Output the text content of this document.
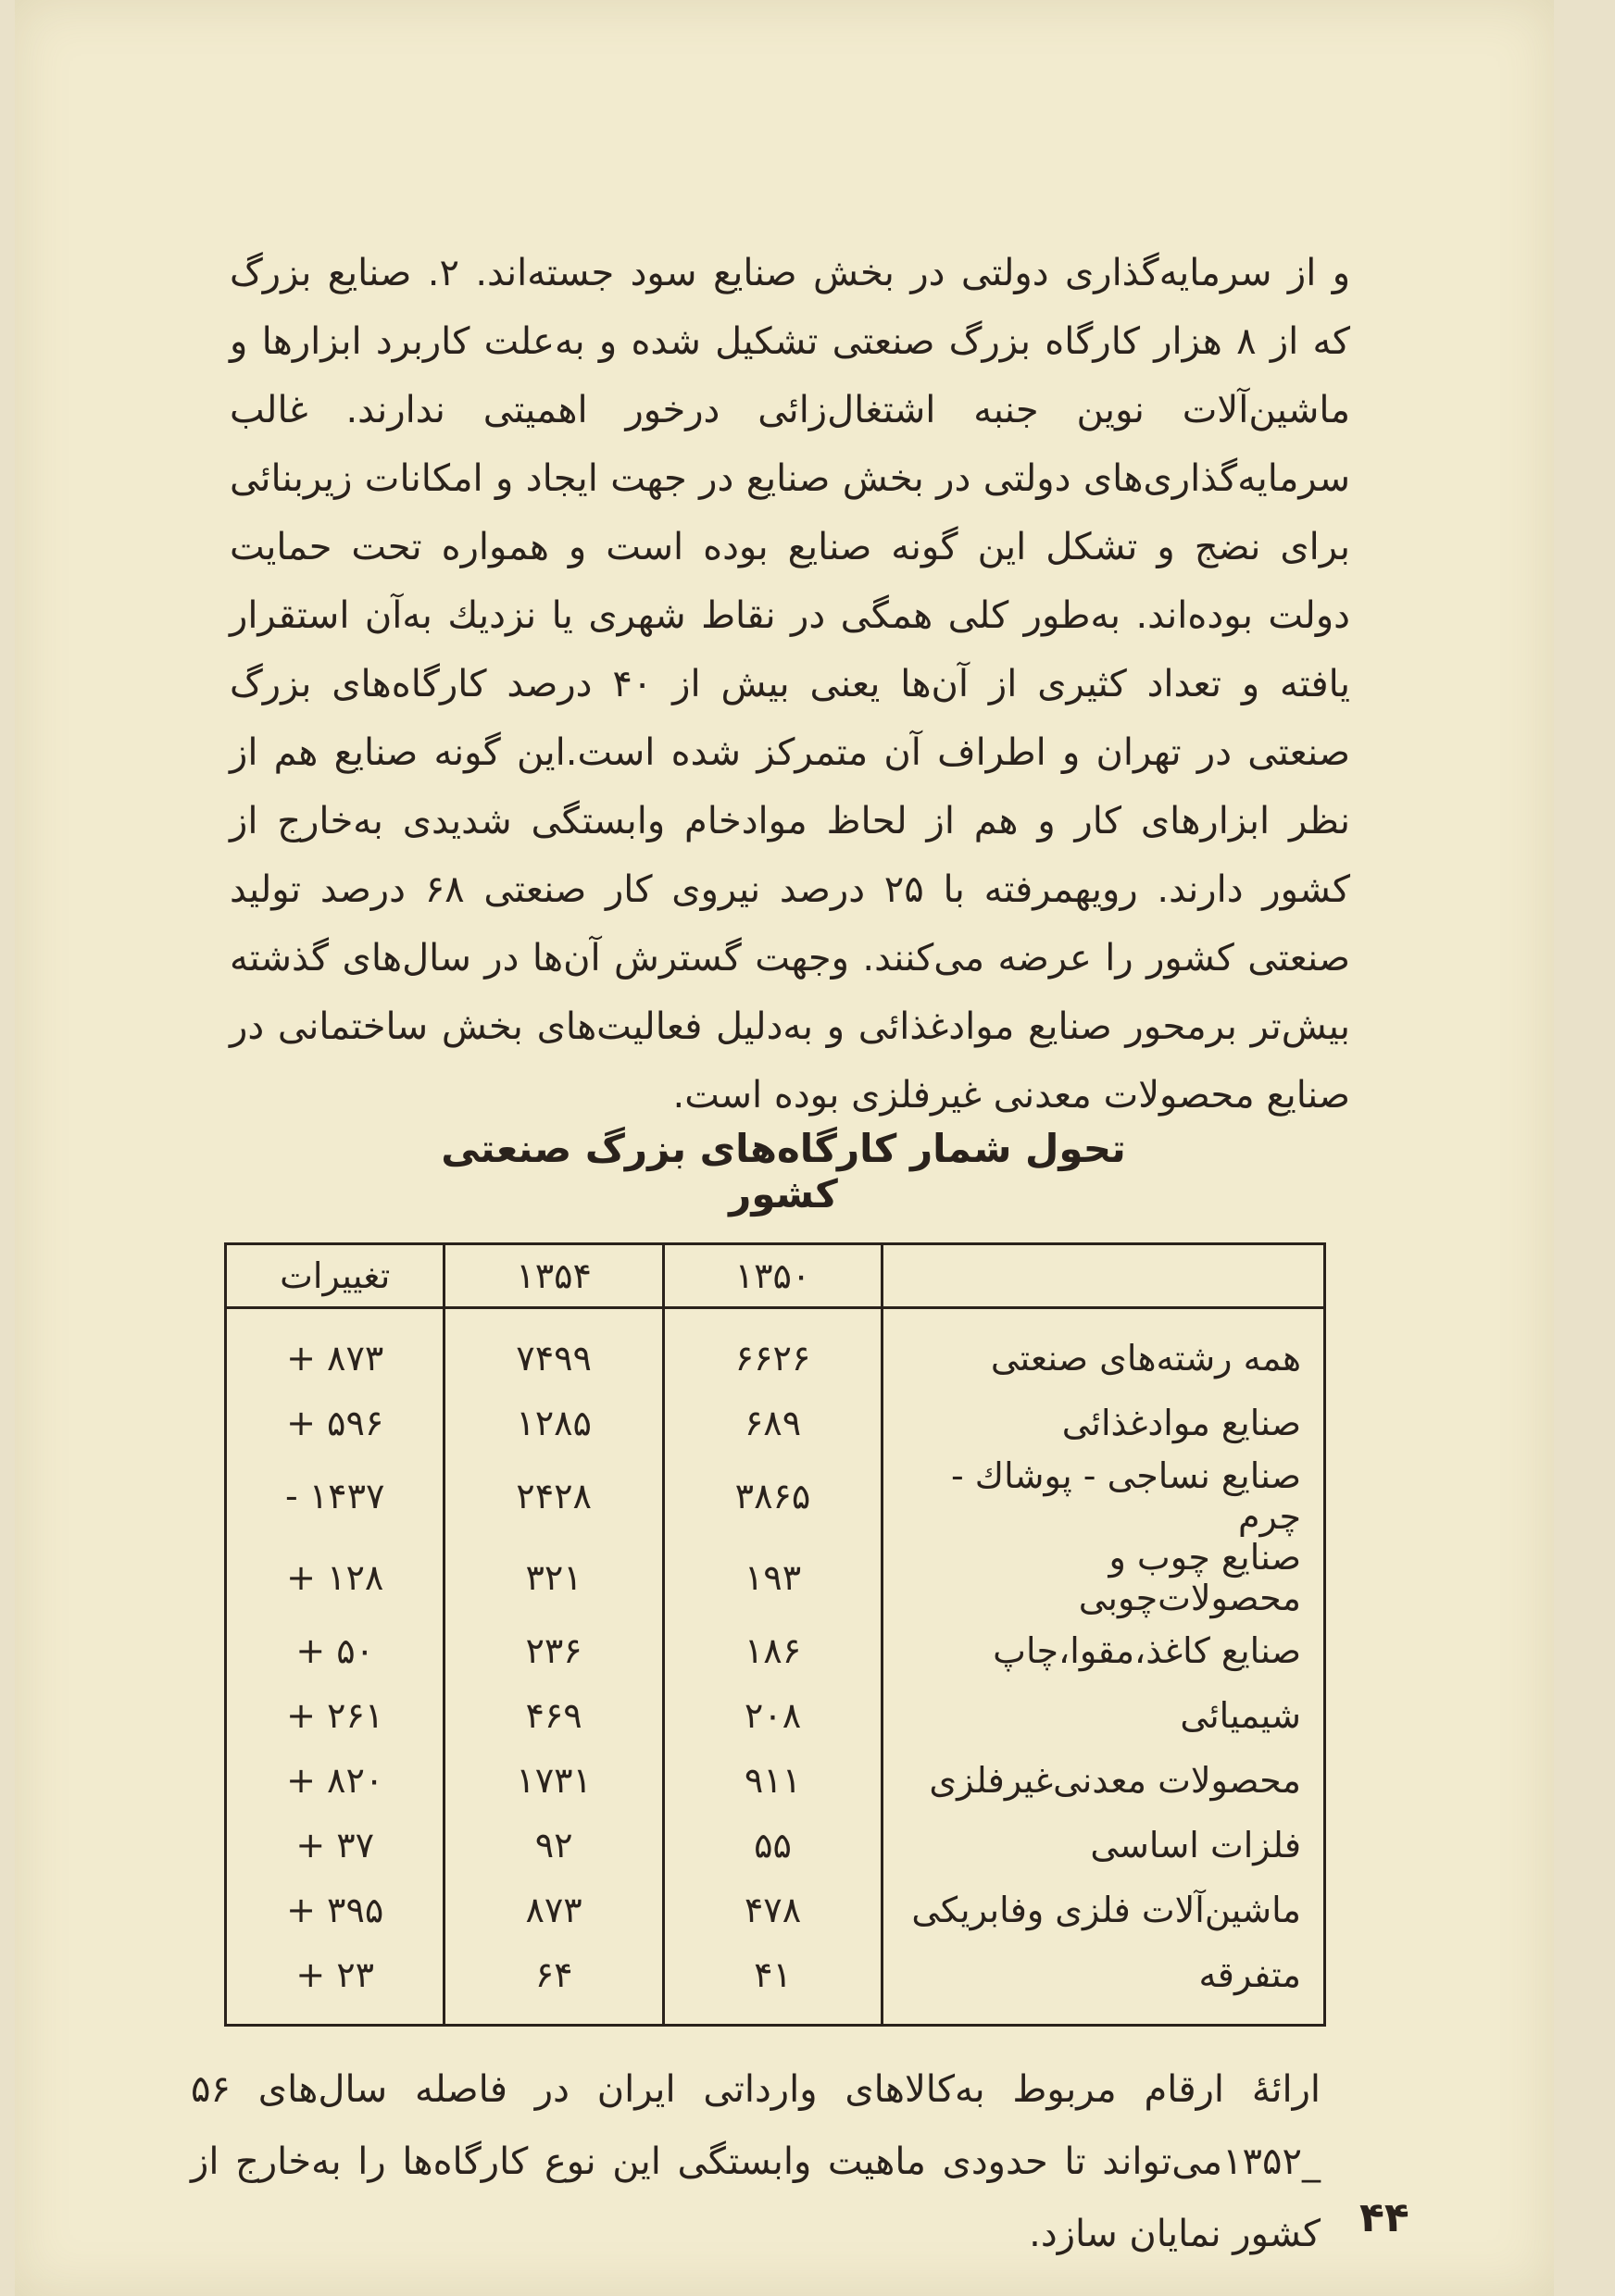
و از سرمایه‌گذاری دولتی در بخش صنایع سود جسته‌اند. ۲. صنایع بزرگ که از ۸ هزار کارگاه بزرگ صنعتی تشکیل شده و به‌علت کاربرد ابزارها و ماشین‌آلات نوین جنبه اشتغال‌زائی درخور اهمیتی ندارند. غالب سرمایه‌گذاری‌های دولتی در بخش صنایع در جهت ایجاد و امکانات زیربنائی برای نضج و تشکل این گونه صنایع بوده است و همواره تحت حمایت دولت بوده‌اند. به‌طور کلی همگی در نقاط شهری یا نزدیك به‌آن استقرار یافته و تعداد کثیری از آن‌ها یعنی بیش از ۴۰ درصد کارگاه‌های بزرگ صنعتی در تهران و اطراف آن متمرکز شده است.این گونه صنایع هم از نظر ابزارهای کار و هم از لحاظ موادخام وابستگی شدیدی به‌خارج از کشور دارند. رویهمرفته با ۲۵ درصد نیروی کار صنعتی ۶۸ درصد تولید صنعتی کشور را عرضه می‌کنند. وجهت گسترش آن‌ها در سال‌های گذشته بیش‌تر برمحور صنایع موادغذائی و به‌دلیل فعالیت‌های بخش ساختمانی در صنایع محصولات معدنی غیرفلزی بوده است.

تحول شمار کارگاه‌های بزرگ صنعتی کشور
	۱۳۵۰	۱۳۵۴	تغییرات
همه رشته‌های صنعتی	۶۶۲۶	۷۴۹۹	+ ۸۷۳
صنایع موادغذائی	۶۸۹	۱۲۸۵	+ ۵۹۶
صنایع نساجی - پوشاك - چرم	۳۸۶۵	۲۴۲۸	- ۱۴۳۷
صنایع چوب و محصولات‌چوبی	۱۹۳	۳۲۱	+ ۱۲۸
صنایع کاغذ،مقوا،چاپ	۱۸۶	۲۳۶	+ ۵۰
شیمیائی	۲۰۸	۴۶۹	+ ۲۶۱
محصولات معدنی‌غیرفلزی	۹۱۱	۱۷۳۱	+ ۸۲۰
فلزات اساسی	۵۵	۹۲	+ ۳۷
ماشین‌آلات فلزی وفابریکی	۴۷۸	۸۷۳	+ ۳۹۵
متفرقه	۴۱	۶۴	+ ۲۳

ارائهٔ ارقام مربوط به‌کالاهای وارداتی ایران در فاصله سال‌های ۵۶ _۱۳۵۲می‌تواند تا حدودی ماهیت وابستگی این نوع کارگاه‌ها را به‌خارج از کشور نمایان سازد. ۴۴
